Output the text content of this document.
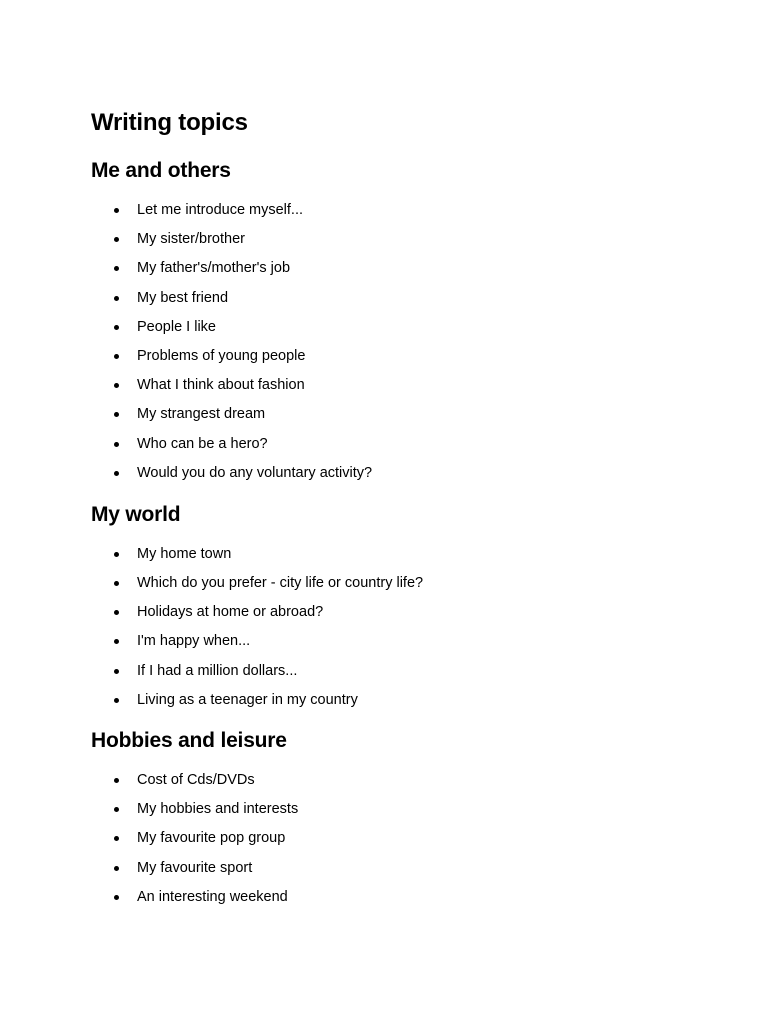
Writing topics
Me and others
Let me introduce myself...
My sister/brother
My father's/mother's job
My best friend
People I like
Problems of young people
What I think about fashion
My strangest dream
Who can be a hero?
Would you do any voluntary activity?
My world
My home town
Which do you prefer - city life or country life?
Holidays at home or abroad?
I'm happy when...
If I had a million dollars...
Living as a teenager in my country
Hobbies and leisure
Cost of Cds/DVDs
My hobbies and interests
My favourite pop group
My favourite sport
An interesting weekend
